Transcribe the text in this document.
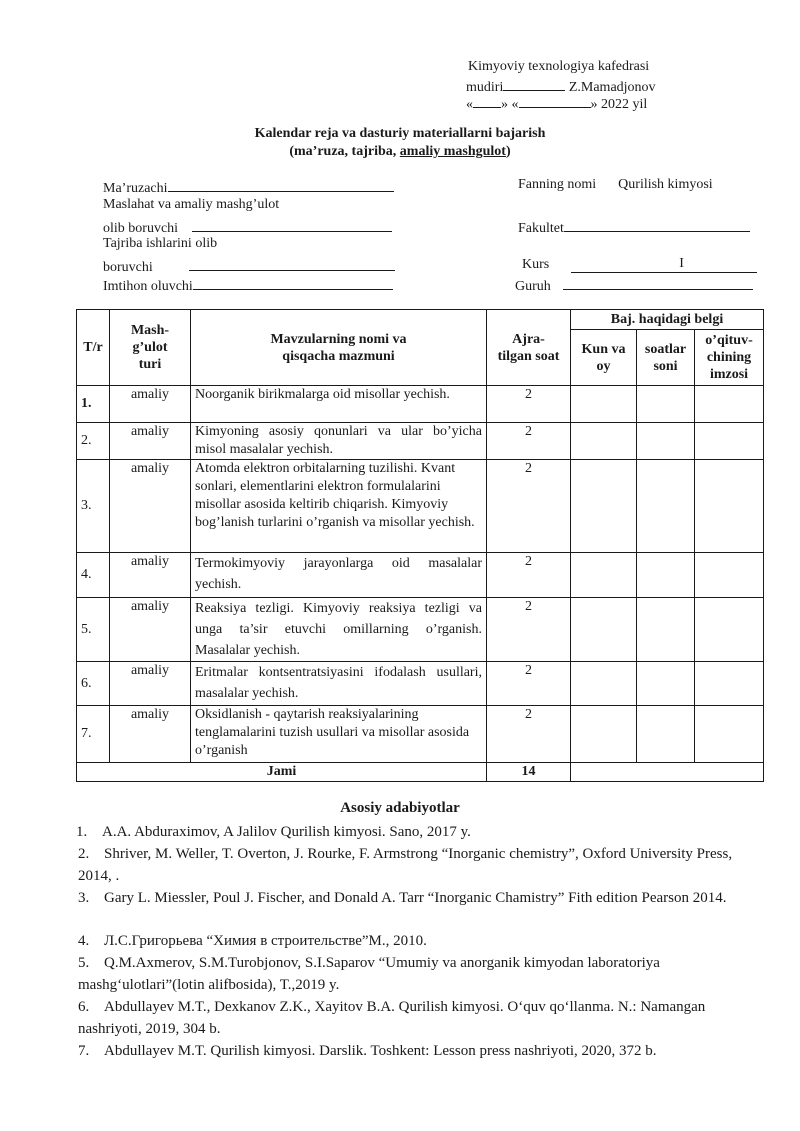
Kimyoviy texnologiya kafedrasi
mudiri	Z.Mamadjonov
« » «	» 2022 yil
Kalendar reja va dasturiy materiallarni bajarish
(ma’ruza, tajriba, amaliy mashgulot)
Ma’ruzachi
Maslahat va amaliy mashg’ulot
olib boruvchi
Tajriba ishlarini olib
boruvchi
Imtihon oluvchi
Fanning nomi Qurilish kimyosi
Fakultet
Kurs	I
Guruh
T/r	Mash-g’ulot turi	Mavzularning nomi va qisqacha mazmuni	Ajra-tilgan soat	Baj. haqidagi belgi		
				Kun va oy	soatlar soni	o’qituv-chining imzosi
1.	amaliy	Noorganik birikmalarga oid misollar yechish.	2			
2.	amaliy	Kimyoning asosiy qonunlari va ular bo’yicha misol masalalar yechish.	2			
3.	amaliy	Atomda elektron orbitalarning tuzilishi. Kvant sonlari, elementlarini elektron formulalarini misollar asosida keltirib chiqarish. Kimyoviy bog’lanish turlarini o’rganish va misollar yechish.	2			
4.	amaliy	Termokimyoviy jarayonlarga oid masalalar yechish.	2			
5.	amaliy	Reaksiya tezligi. Kimyoviy reaksiya tezligi va unga ta’sir etuvchi omillarning o’rganish. Masalalar yechish.	2			
6.	amaliy	Eritmalar kontsentratsiyasini ifodalash usullari, masalalar yechish.	2			
7.	amaliy	Oksidlanish - qaytarish reaksiyalarining tenglamalarini tuzish usullari va misollar asosida o’rganish	2			
Jami			14			
Asosiy adabiyotlar
1. A.A. Abduraximov, A Jalilov Qurilish kimyosi. Sano, 2017 y.
2. Shriver, M. Weller, T. Overton, J. Rourke, F. Armstrong “Inorganic chemistry”, Oxford University Press, 2014, .
3. Gary L. Miessler, Poul J. Fischer, and Donald A. Tarr “Inorganic Chamistry” Fith edition Pearson 2014.
4. Л.С.Григорьева “Химия в строительстве”М., 2010.
5. Q.M.Axmerov, S.M.Turobjonov, S.I.Saparov “Umumiy va anorganik kimyodan laboratoriya mashg‘ulotlari”(lotin alifbosida), T.,2019 y.
6. Abdullayev M.T., Dexkanov Z.K., Xayitov B.A. Qurilish kimyosi. O‘quv qo‘llanma. N.: Namangan nashriyoti, 2019, 304 b.
7. Abdullayev M.T. Qurilish kimyosi. Darslik. Toshkent: Lesson press nashriyoti, 2020, 372 b.
